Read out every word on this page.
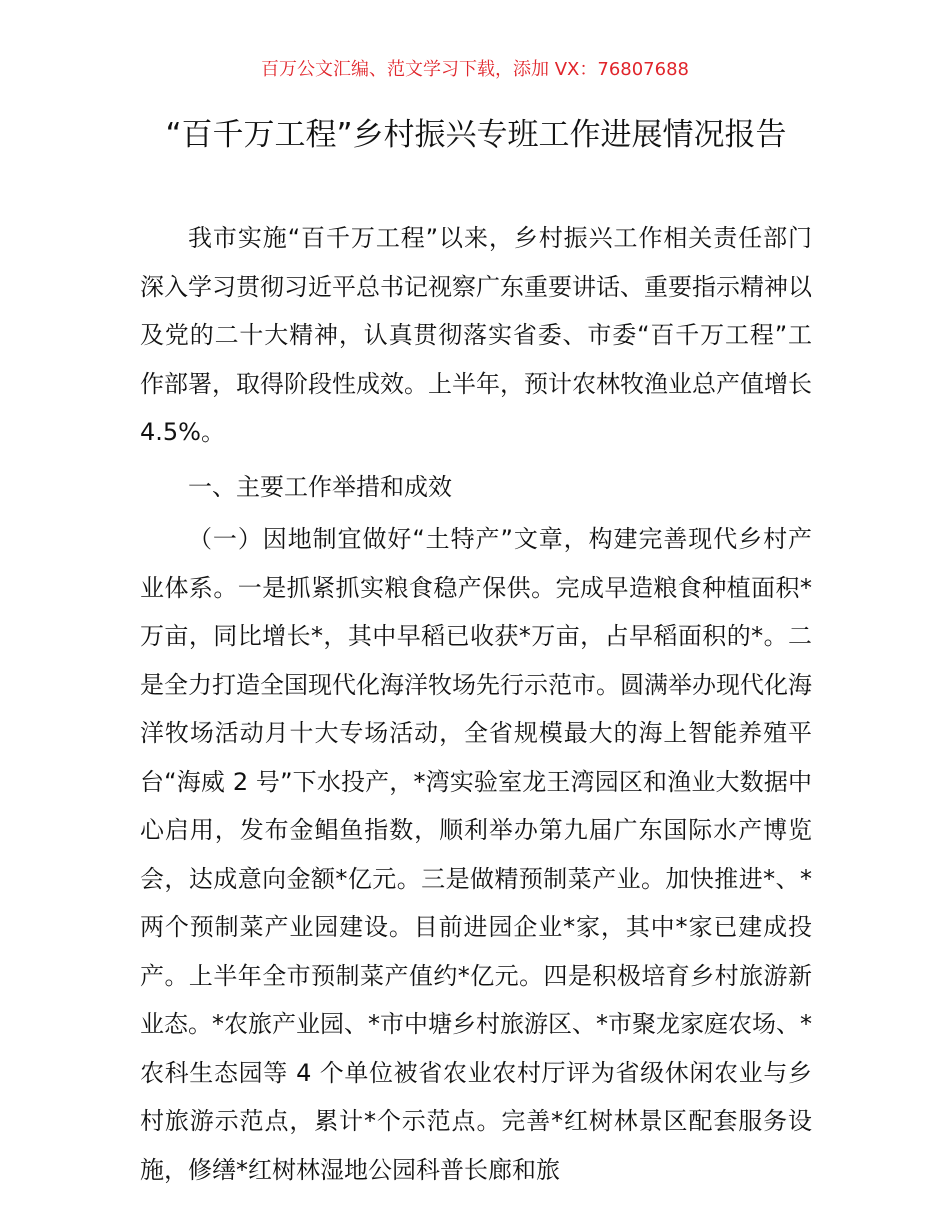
百万公文汇编、范文学习下载，添加 VX：76807688
“百千万工程”乡村振兴专班工作进展情况报告

我市实施“百千万工程”以来，乡村振兴工作相关责任部门深入学习贯彻习近平总书记视察广东重要讲话、重要指示精神以及党的二十大精神，认真贯彻落实省委、市委“百千万工程”工作部署，取得阶段性成效。上半年，预计农林牧渔业总产值增长 4.5%。

一、主要工作举措和成效

（一）因地制宜做好“土特产”文章，构建完善现代乡村产业体系。一是抓紧抓实粮食稳产保供。完成早造粮食种植面积*万亩，同比增长*，其中早稻已收获*万亩，占早稻面积的*。二是全力打造全国现代化海洋牧场先行示范市。圆满举办现代化海洋牧场活动月十大专场活动，全省规模最大的海上智能养殖平台“海威 2 号”下水投产，*湾实验室龙王湾园区和渔业大数据中心启用，发布金鲳鱼指数，顺利举办第九届广东国际水产博览会，达成意向金额*亿元。三是做精预制菜产业。加快推进*、*两个预制菜产业园建设。目前进园企业*家，其中*家已建成投产。上半年全市预制菜产值约*亿元。四是积极培育乡村旅游新业态。*农旅产业园、*市中塘乡村旅游区、*市聚龙家庭农场、*农科生态园等 4 个单位被省农业农村厅评为省级休闲农业与乡村旅游示范点，累计*个示范点。完善*红树林景区配套服务设施，修缮*红树林湿地公园科普长廊和旅
